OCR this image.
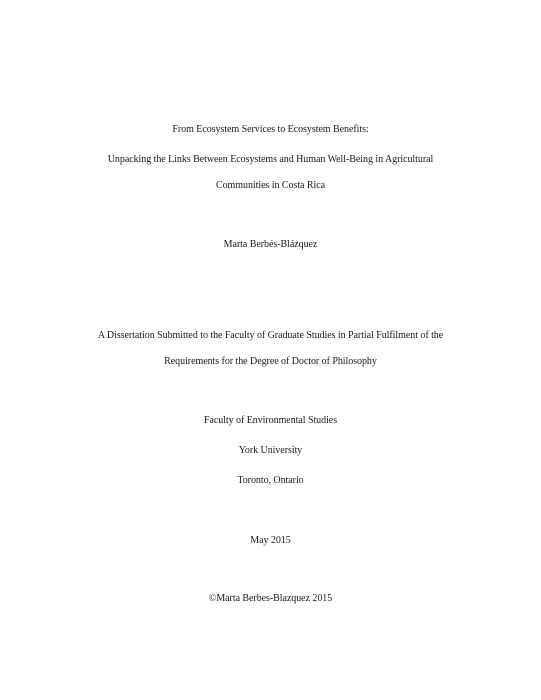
From Ecosystem Services to Ecosystem Benefits:
Unpacking the Links Between Ecosystems and Human Well-Being in Agricultural
Communities in Costa Rica
Marta Berbés-Blázquez
A Dissertation Submitted to the Faculty of Graduate Studies in Partial Fulfilment of the
Requirements for the Degree of Doctor of Philosophy
Faculty of Environmental Studies
York University
Toronto, Ontario
May 2015
©Marta Berbes-Blazquez 2015
